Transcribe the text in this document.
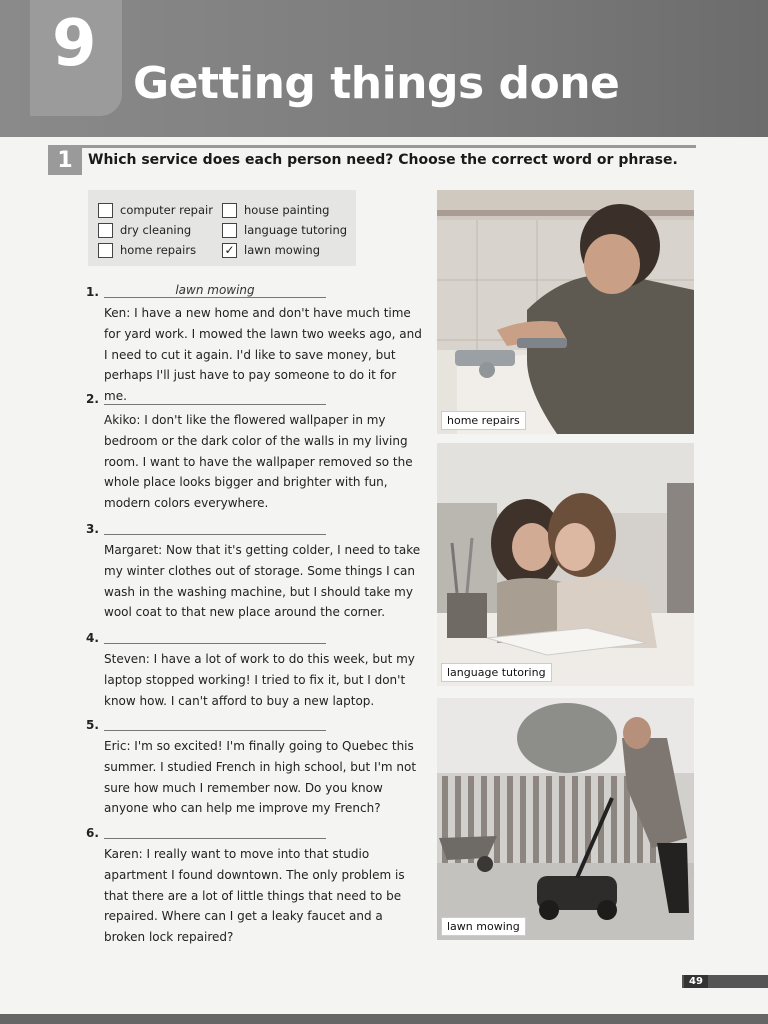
9
Getting things done
1	Which service does each person need? Choose the correct word or phrase.
computer repair	house painting
dry cleaning	language tutoring
home repairs ✓ lawn mowing
1.	lawn mowing

Ken: I have a new home and don't have much time for yard work. I mowed the lawn two weeks ago, and I need to cut it again. I'd like to save money, but perhaps I'll just have to pay someone to do it for me.

2.

Akiko: I don't like the flowered wallpaper in my bedroom or the dark color of the walls in my living room. I want to have the wallpaper removed so the whole place looks bigger and brighter with fun, modern colors everywhere.

3.

Margaret: Now that it's getting colder, I need to take my winter clothes out of storage. Some things I can wash in the washing machine, but I should take my wool coat to that new place around the corner.

4.

Steven: I have a lot of work to do this week, but my laptop stopped working! I tried to fix it, but I don't know how. I can't afford to buy a new laptop.

5.

Eric: I'm so excited! I'm finally going to Quebec this summer. I studied French in high school, but I'm not sure how much I remember now. Do you know anyone who can help me improve my French?

6.

Karen: I really want to move into that studio apartment I found downtown. The only problem is that there are a lot of little things that need to be repaired. Where can I get a leaky faucet and a broken lock repaired?

home repairs
language tutoring
lawn mowing
49
